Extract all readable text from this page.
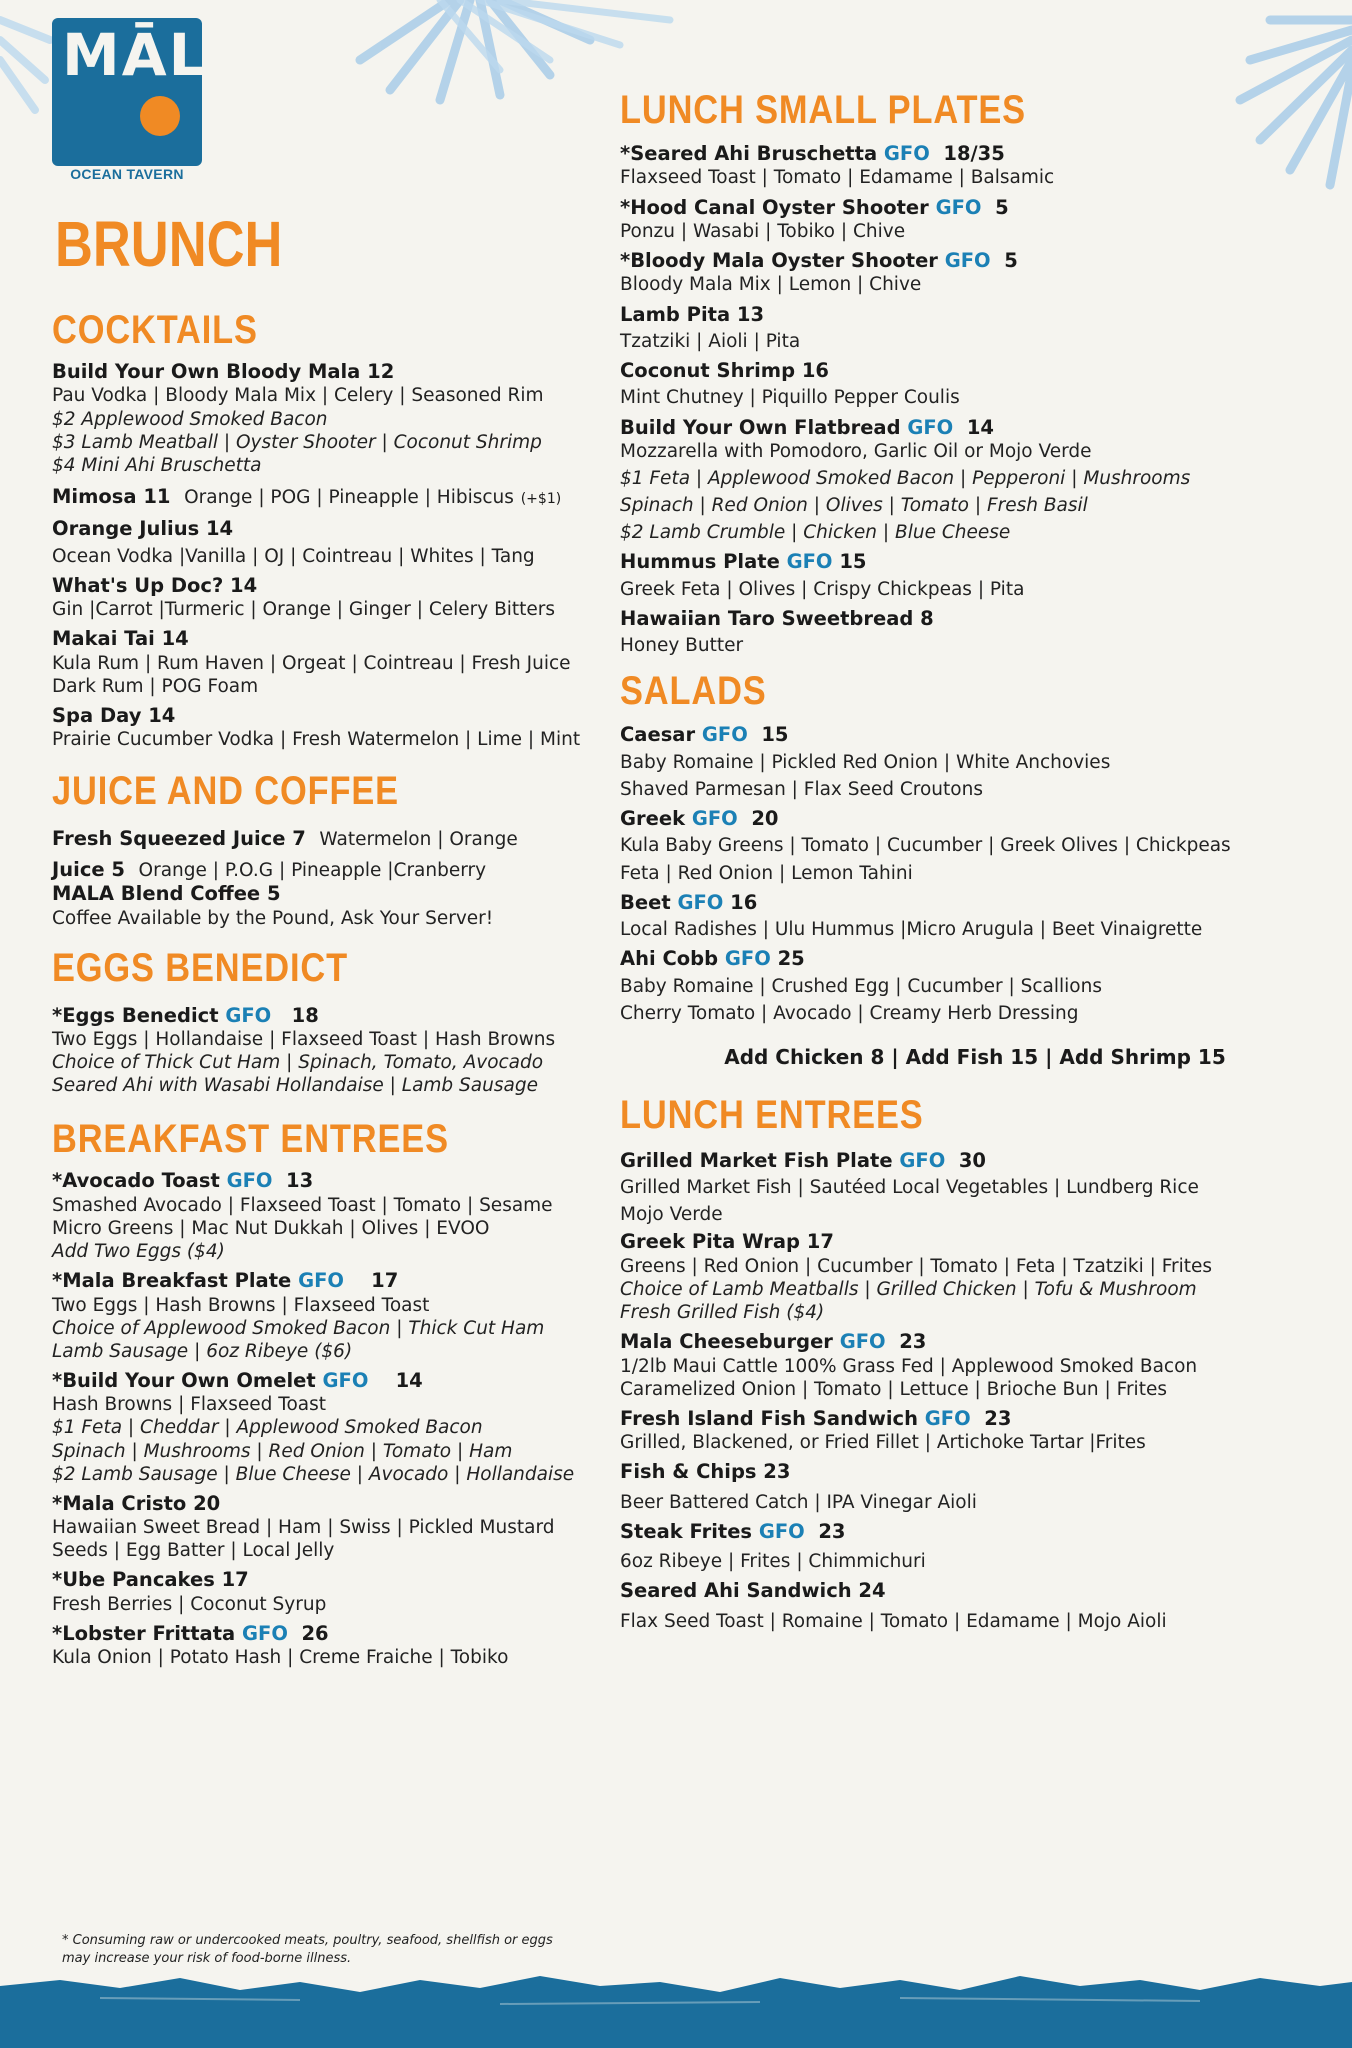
MĀLA
OCEAN TAVERN
BRUNCH
COCKTAILS
Build Your Own Bloody Mala 12
Pau Vodka | Bloody Mala Mix | Celery | Seasoned Rim
$2 Applewood Smoked Bacon
$3 Lamb Meatball | Oyster Shooter | Coconut Shrimp
$4 Mini Ahi Bruschetta
Mimosa 11 Orange | POG | Pineapple | Hibiscus (+$1)
Orange Julius 14
Ocean Vodka |Vanilla | OJ | Cointreau | Whites | Tang
What's Up Doc? 14
Gin |Carrot |Turmeric | Orange | Ginger | Celery Bitters
Makai Tai 14
Kula Rum | Rum Haven | Orgeat | Cointreau | Fresh Juice
Dark Rum | POG Foam
Spa Day 14
Prairie Cucumber Vodka | Fresh Watermelon | Lime | Mint
JUICE AND COFFEE
Fresh Squeezed Juice 7 Watermelon | Orange
Juice 5 Orange | P.O.G | Pineapple |Cranberry
MALA Blend Coffee 5
Coffee Available by the Pound, Ask Your Server!
EGGS BENEDICT
*Eggs Benedict GFO 18
Two Eggs | Hollandaise | Flaxseed Toast | Hash Browns
Choice of Thick Cut Ham | Spinach, Tomato, Avocado
Seared Ahi with Wasabi Hollandaise | Lamb Sausage
BREAKFAST ENTREES
*Avocado Toast GFO 13
Smashed Avocado | Flaxseed Toast | Tomato | Sesame
Micro Greens | Mac Nut Dukkah | Olives | EVOO
Add Two Eggs ($4)
*Mala Breakfast Plate GFO 17
Two Eggs | Hash Browns | Flaxseed Toast
Choice of Applewood Smoked Bacon | Thick Cut Ham
Lamb Sausage | 6oz Ribeye ($6)
*Build Your Own Omelet GFO 14
Hash Browns | Flaxseed Toast
$1 Feta | Cheddar | Applewood Smoked Bacon
Spinach | Mushrooms | Red Onion | Tomato | Ham
$2 Lamb Sausage | Blue Cheese | Avocado | Hollandaise
*Mala Cristo 20
Hawaiian Sweet Bread | Ham | Swiss | Pickled Mustard
Seeds | Egg Batter | Local Jelly
*Ube Pancakes 17
Fresh Berries | Coconut Syrup
*Lobster Frittata GFO 26
Kula Onion | Potato Hash | Creme Fraiche | Tobiko
* Consuming raw or undercooked meats, poultry, seafood, shellfish or eggs
may increase your risk of food-borne illness.
LUNCH SMALL PLATES
*Seared Ahi Bruschetta GFO 18/35
Flaxseed Toast | Tomato | Edamame | Balsamic
*Hood Canal Oyster Shooter GFO 5
Ponzu | Wasabi | Tobiko | Chive
*Bloody Mala Oyster Shooter GFO 5
Bloody Mala Mix | Lemon | Chive
Lamb Pita 13
Tzatziki | Aioli | Pita
Coconut Shrimp 16
Mint Chutney | Piquillo Pepper Coulis
Build Your Own Flatbread GFO 14
Mozzarella with Pomodoro, Garlic Oil or Mojo Verde
$1 Feta | Applewood Smoked Bacon | Pepperoni | Mushrooms
Spinach | Red Onion | Olives | Tomato | Fresh Basil
$2 Lamb Crumble | Chicken | Blue Cheese
Hummus Plate GFO 15
Greek Feta | Olives | Crispy Chickpeas | Pita
Hawaiian Taro Sweetbread 8
Honey Butter
SALADS
Caesar GFO 15
Baby Romaine | Pickled Red Onion | White Anchovies
Shaved Parmesan | Flax Seed Croutons
Greek GFO 20
Kula Baby Greens | Tomato | Cucumber | Greek Olives | Chickpeas
Feta | Red Onion | Lemon Tahini
Beet GFO 16
Local Radishes | Ulu Hummus |Micro Arugula | Beet Vinaigrette
Ahi Cobb GFO 25
Baby Romaine | Crushed Egg | Cucumber | Scallions
Cherry Tomato | Avocado | Creamy Herb Dressing
Add Chicken 8 | Add Fish 15 | Add Shrimp 15
LUNCH ENTREES
Grilled Market Fish Plate GFO 30
Grilled Market Fish | Sautéed Local Vegetables | Lundberg Rice
Mojo Verde
Greek Pita Wrap 17
Greens | Red Onion | Cucumber | Tomato | Feta | Tzatziki | Frites
Choice of Lamb Meatballs | Grilled Chicken | Tofu & Mushroom
Fresh Grilled Fish ($4)
Mala Cheeseburger GFO 23
1/2lb Maui Cattle 100% Grass Fed | Applewood Smoked Bacon
Caramelized Onion | Tomato | Lettuce | Brioche Bun | Frites
Fresh Island Fish Sandwich GFO 23
Grilled, Blackened, or Fried Fillet | Artichoke Tartar |Frites
Fish & Chips 23
Beer Battered Catch | IPA Vinegar Aioli
Steak Frites GFO 23
6oz Ribeye | Frites | Chimmichuri
Seared Ahi Sandwich 24
Flax Seed Toast | Romaine | Tomato | Edamame | Mojo Aioli
